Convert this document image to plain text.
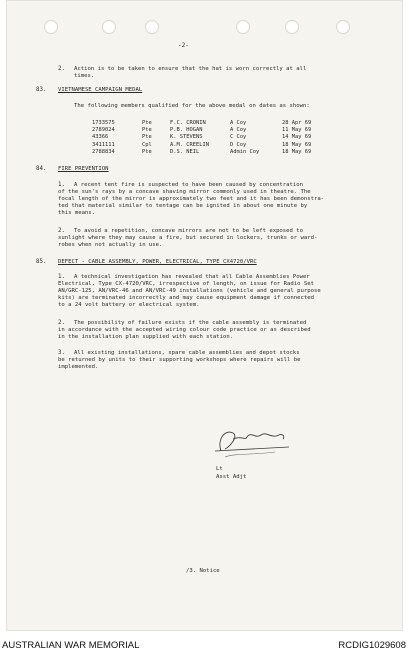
-2-
2. Action is to be taken to ensure that the hat is worn correctly at all
times.
83. VIETNAMESE CAMPAIGN MEDAL
The following members qualified for the above medal on dates as shown:
1733575	Pte	F.C. CRONIN	A Coy	28 Apr 69
2789024	Pte	P.B. HOGAN	A Coy	11 May 69
43366	Pte	K. STEVENS	C Coy	14 May 69
3411111	Cpl	A.M. CREELIN	D Coy	18 May 69
2788834	Pte	D.S. NEIL	Admin Coy	18 May 69
84. FIRE PREVENTION
1.	A recent tent fire is suspected to have been caused by concentration
of the sun's rays by a concave shaving mirror commonly used in theatre. The
focal length of the mirror is approximately two feet and it has been demonstra-
ted that material similar to tentage can be ignited in about one minute by
this means.
2.	To avoid a repetition, concave mirrors are not to be left exposed to
sunlight where they may cause a fire, but secured in lockers, trunks or ward-
robes when not actually in use.
85. DEFECT - CABLE ASSEMBLY, POWER, ELECTRICAL, TYPE CX4720/VRC
1.	A technical investigation has revealed that all Cable Assemblies Power
Electrical, Type CX-4720/VRC, irrespective of length, on issue for Radio Set
AN/GRC-125, AN/VRC-46 and AN/VRC-49 installations (vehicle and general purpose
kits) are terminated incorrectly and may cause equipment damage if connected
to a 24 volt battery or electrical system.
2.	The possibility of failure exists if the cable assembly is terminated
in accordance with the accepted wiring colour code practice or as described
in the installation plan supplied with each station.
3.	All existing installations, spare cable assemblies and depot stocks
be returned by units to their supporting workshops where repairs will be
implemented.
Lt
Asst Adjt
/3. Notice
AUSTRALIAN WAR MEMORIAL	RCDIG1029608
